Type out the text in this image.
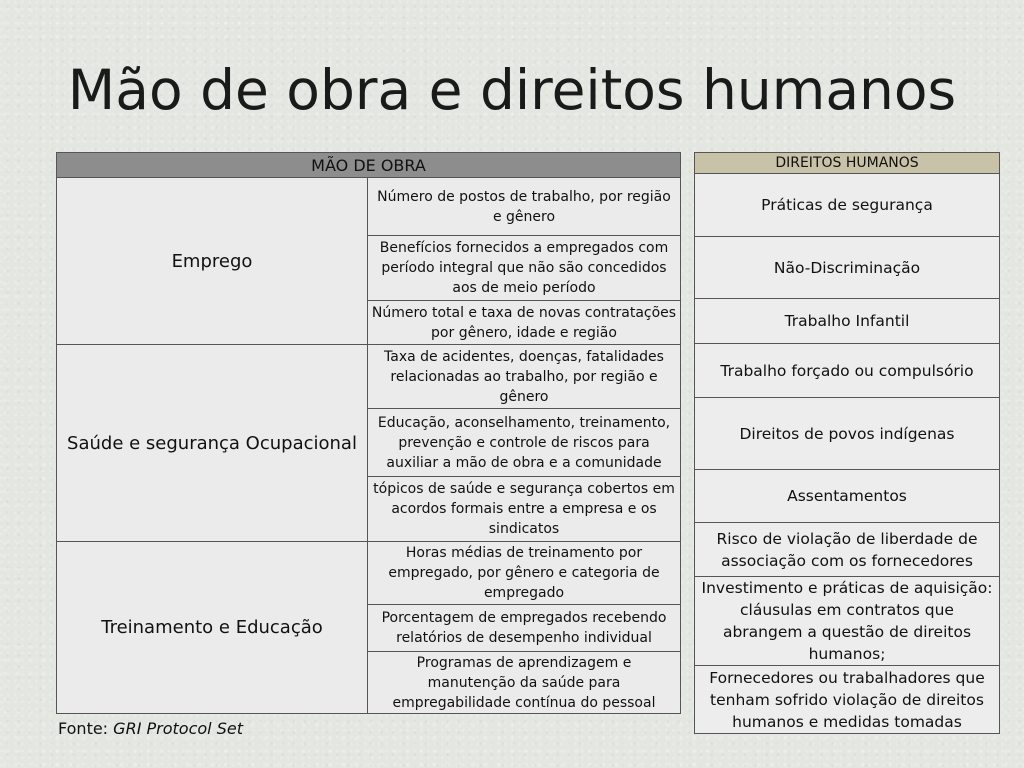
Mão de obra e direitos humanos
MÃO DE OBRA	
Emprego	Número de postos de trabalho, por região e gênero
	Benefícios fornecidos a empregados com período integral que não são concedidos aos de meio período
	Número total e taxa de novas contratações por gênero, idade e região
Saúde e segurança Ocupacional	Taxa de acidentes, doenças, fatalidades relacionadas ao trabalho, por região e gênero
	Educação, aconselhamento, treinamento, prevenção e controle de riscos para auxiliar a mão de obra e a comunidade
	tópicos de saúde e segurança cobertos em acordos formais entre a empresa e os sindicatos
Treinamento e Educação	Horas médias de treinamento por empregado, por gênero e categoria de empregado
	Porcentagem de empregados recebendo relatórios de desempenho individual
	Programas de aprendizagem e manutenção da saúde para empregabilidade contínua do pessoal
DIREITOS HUMANOS
Práticas de segurança
Não-Discriminação
Trabalho Infantil
Trabalho forçado ou compulsório
Direitos de povos indígenas
Assentamentos
Risco de violação de liberdade de associação com os fornecedores
Investimento e práticas de aquisição: cláusulas em contratos que abrangem a questão de direitos humanos;
Fornecedores ou trabalhadores que tenham sofrido violação de direitos humanos e medidas tomadas
Fonte: GRI Protocol Set
